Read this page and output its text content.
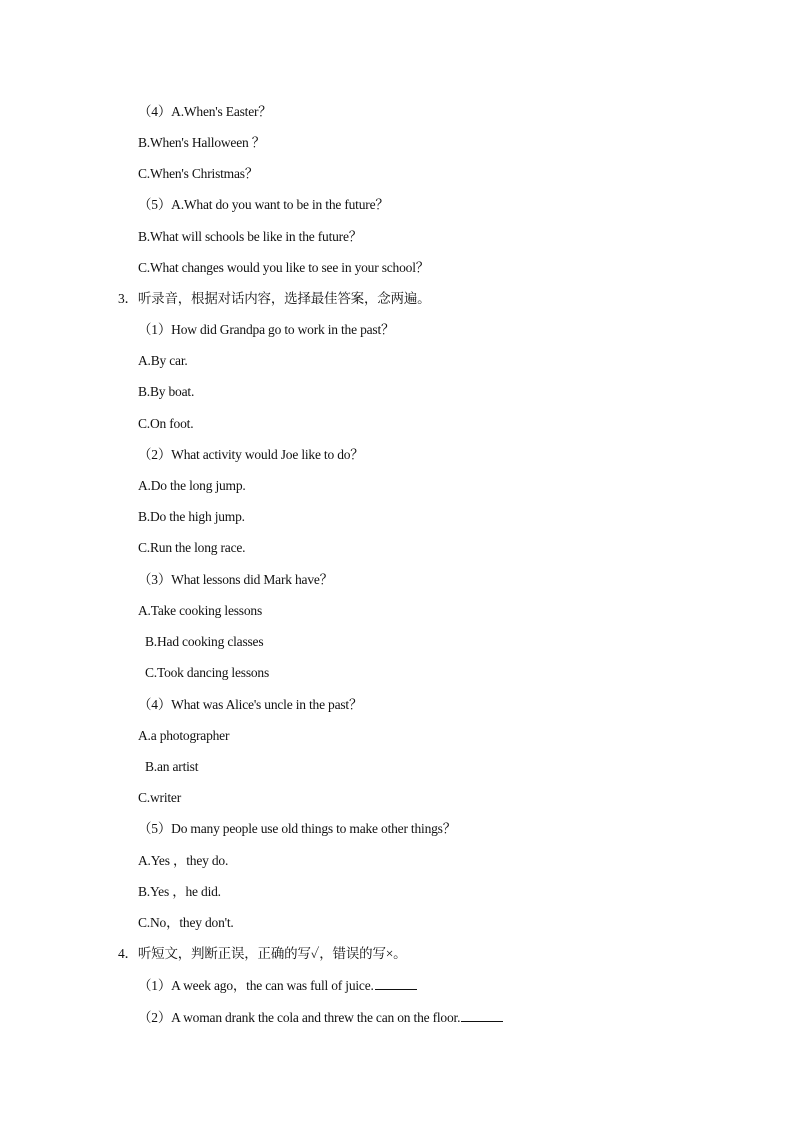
（4）A.When's Easter？
B.When's Halloween ？
C.When's Christmas？
（5）A.What do you want to be in the future？
B.What will schools be like in the future？
C.What changes would you like to see in your school？
3．听录音，根据对话内容，选择最佳答案，念两遍。
（1）How did Grandpa go to work in the past？
A.By car.
B.By boat.
C.On foot.
（2）What activity would Joe like to do？
A.Do the long jump.
B.Do the high jump.
C.Run the long race.
（3）What lessons did Mark have？
A.Take cooking lessons
B.Had cooking classes
C.Took dancing lessons
（4）What was Alice's uncle in the past？
A.a photographer
B.an artist
C.writer
（5）Do many people use old things to make other things？
A.Yes ，they do.
B.Yes ，he did.
C.No，they don't.
4．听短文，判断正误，正确的写✓，错误的写×。
（1）A week ago，the can was full of juice.
（2）A woman drank the cola and threw the can on the floor.
